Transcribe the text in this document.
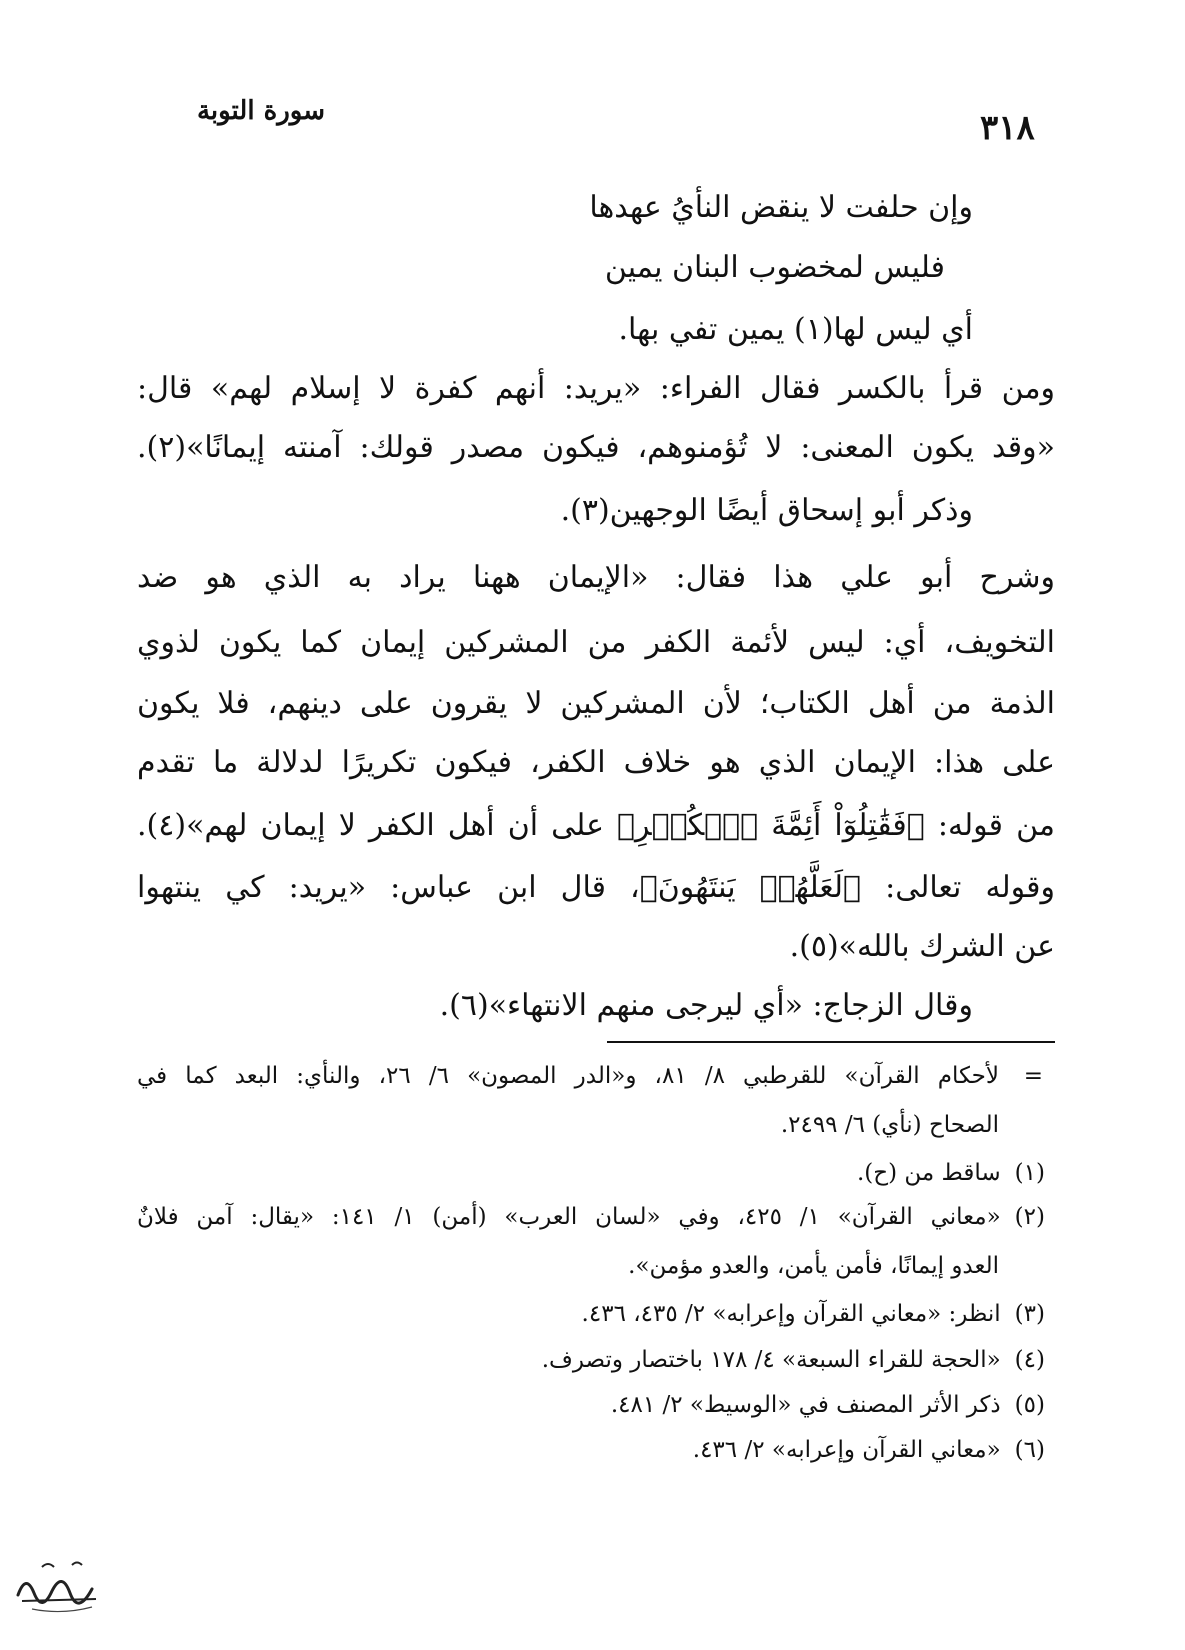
سورة التوبة	٣١٨
وإن حلفت لا ينقض النأيُ عهدها
فليس لمخضوب البنان يمين
أي ليس لها(١) يمين تفي بها.
ومن قرأ بالكسر فقال الفراء: «يريد: أنهم كفرة لا إسلام لهم» قال:
«وقد يكون المعنى: لا تُؤمنوهم، فيكون مصدر قولك: آمنته إيمانًا»(٢).
وذكر أبو إسحاق أيضًا الوجهين(٣).
وشرح أبو علي هذا فقال: «الإيمان ههنا يراد به الذي هو ضد
التخويف، أي: ليس لأئمة الكفر من المشركين إيمان كما يكون لذوي
الذمة من أهل الكتاب؛ لأن المشركين لا يقرون على دينهم، فلا يكون
على هذا: الإيمان الذي هو خلاف الكفر، فيكون تكريرًا لدلالة ما تقدم
من قوله: ﴿فَقَٰتِلُوٓاْ أَئِمَّةَ ٱلۡكُفۡرِ﴾ على أن أهل الكفر لا إيمان لهم»(٤).
وقوله تعالى: ﴿لَعَلَّهُمۡ يَنتَهُونَ﴾، قال ابن عباس: «يريد: كي ينتهوا
عن الشرك بالله»(٥).
وقال الزجاج: «أي ليرجى منهم الانتهاء»(٦).
=
لأحكام القرآن» للقرطبي ٨/ ٨١، و«الدر المصون» ٦/ ٢٦، والنأي: البعد كما في
الصحاح (نأي) ٦/ ٢٤٩٩.
(١)ساقط من (ح).
(٢)«معاني القرآن» ١/ ٤٢٥، وفي «لسان العرب» (أمن) ١/ ١٤١: «يقال: آمن فلانٌ
العدو إيمانًا، فأمن يأمن، والعدو مؤمن».
(٣)انظر: «معاني القرآن وإعرابه» ٢/ ٤٣٥، ٤٣٦.
(٤)«الحجة للقراء السبعة» ٤/ ١٧٨ باختصار وتصرف.
(٥)ذكر الأثر المصنف في «الوسيط» ٢/ ٤٨١.
(٦)«معاني القرآن وإعرابه» ٢/ ٤٣٦.
